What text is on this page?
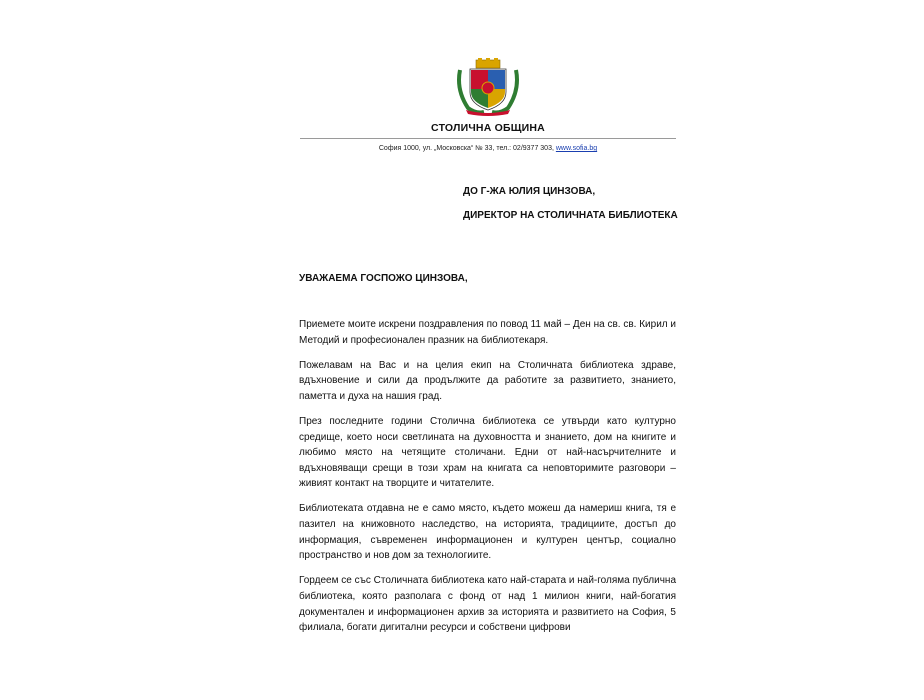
СТОЛИЧНА ОБЩИНА
София 1000, ул. „Московска“ № 33, тел.: 02/9377 303, www.sofia.bg
ДО Г-ЖА ЮЛИЯ ЦИНЗОВА,
ДИРЕКТОР НА СТОЛИЧНАТА БИБЛИОТЕКА
УВАЖАЕМА ГОСПОЖО ЦИНЗОВА,

Приемете моите искрени поздравления по повод 11 май – Ден на св. св. Кирил и Методий и професионален празник на библиотекаря.

Пожелавам на Вас и на целия екип на Столичната библиотека здраве, вдъхновение и сили да продължите да работите за развитието, знанието, паметта и духа на нашия град.

През последните години Столична библиотека се утвърди като културно средище, което носи светлината на духовността и знанието, дом на книгите и любимо място на четящите столичани. Едни от най-насърчителните и вдъхновяващи срещи в този храм на книгата са неповторимите разговори – живият контакт на творците и читателите.

Библиотеката отдавна не е само място, където можеш да намериш книга, тя е пазител на книжовното наследство, на историята, традициите, достъп до информация, съвременен информационен и културен център, социално пространство и нов дом за технологиите.

Гордеем се със Столичната библиотека като най-старата и най-голяма публична библиотека, която разполага с фонд от над 1 милион книги, най-богатия документален и информационен архив за историята и развитието на София, 5 филиала, богати дигитални ресурси и собствени цифрови
